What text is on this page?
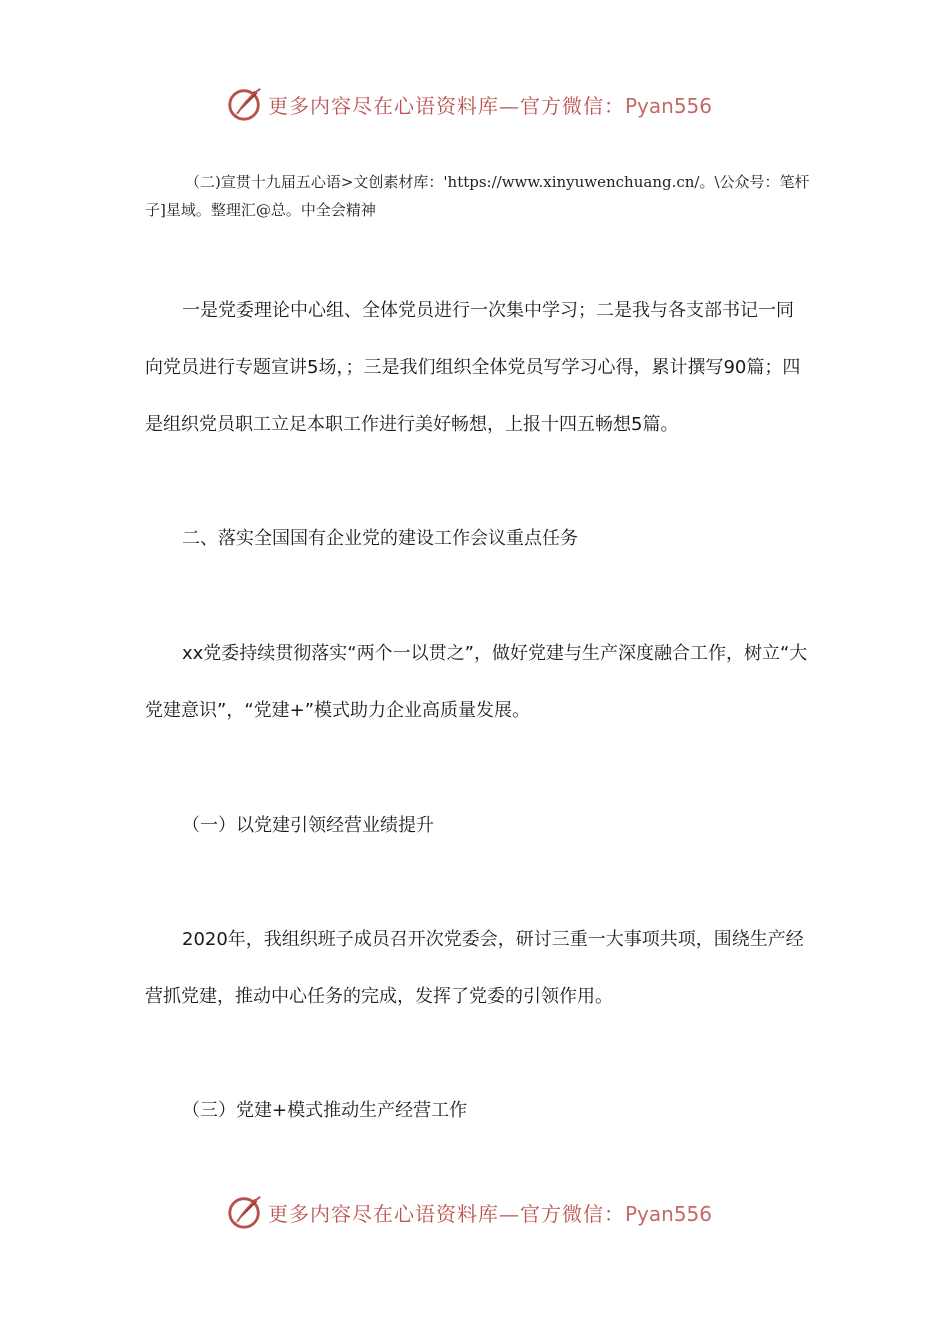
更多内容尽在心语资料库—官方微信：Pyan556
（二)宣贯十九届五心语>文创素材库：'https://www.xinyuwenchuang.cn/。\公众号：笔杆子]星域。整理汇@总。中全会精神

一是党委理论中心组、全体党员进行一次集中学习；二是我与各支部书记一同向党员进行专题宣讲5场，；三是我们组织全体党员写学习心得，累计撰写90篇；四是组织党员职工立足本职工作进行美好畅想，上报十四五畅想5篇。

二、落实全国国有企业党的建设工作会议重点任务

xx党委持续贯彻落实“两个一以贯之”，做好党建与生产深度融合工作，树立“大党建意识”，“党建+”模式助力企业高质量发展。

（一）以党建引领经营业绩提升

2020年，我组织班子成员召开次党委会，研讨三重一大事项共项，围绕生产经营抓党建，推动中心任务的完成，发挥了党委的引领作用。

（三）党建+模式推动生产经营工作

更多内容尽在心语资料库—官方微信：Pyan556
